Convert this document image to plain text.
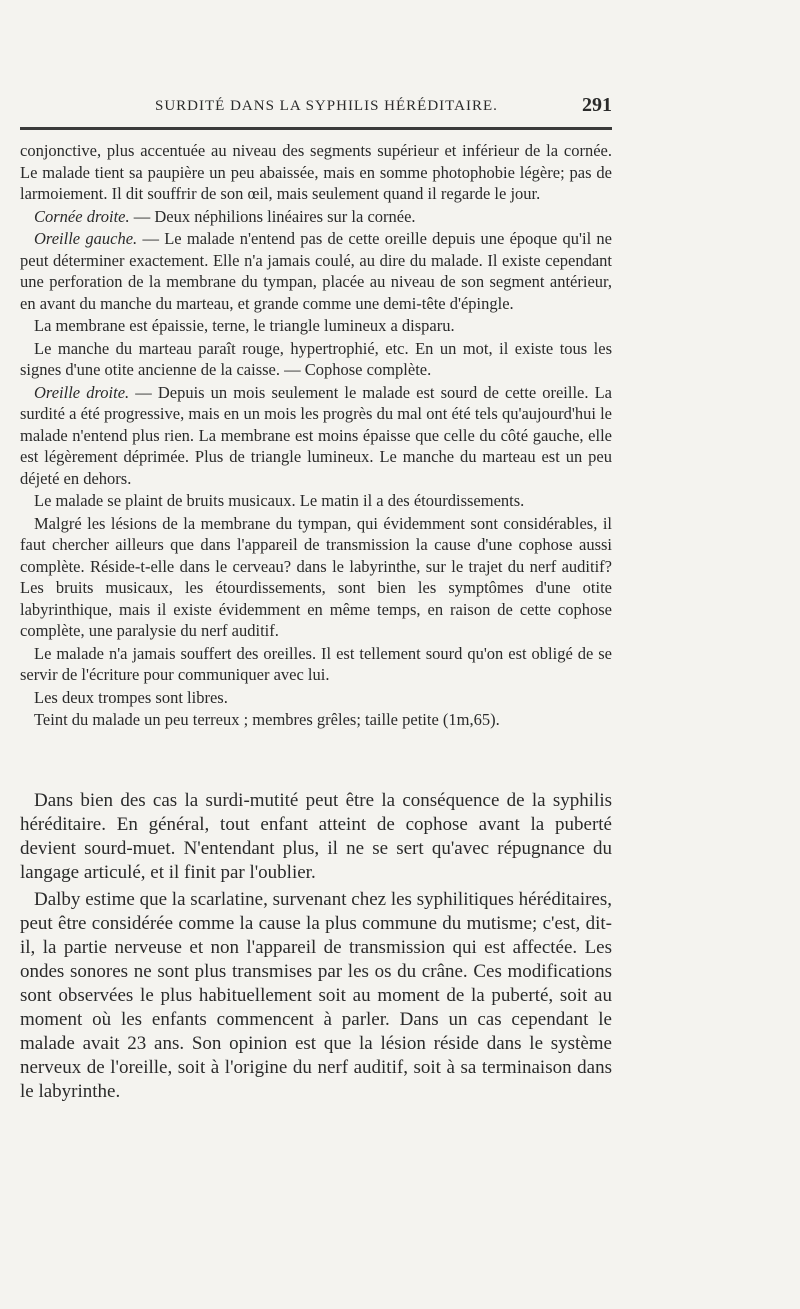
SURDITÉ DANS LA SYPHILIS HÉRÉDITAIRE.	291

conjonctive, plus accentuée au niveau des segments supérieur et inférieur de la cornée. Le malade tient sa paupière un peu abaissée, mais en somme photophobie légère; pas de larmoiement. Il dit souffrir de son œil, mais seulement quand il regarde le jour.

Cornée droite. — Deux néphilions linéaires sur la cornée.

Oreille gauche. — Le malade n'entend pas de cette oreille depuis une époque qu'il ne peut déterminer exactement. Elle n'a jamais coulé, au dire du malade. Il existe cependant une perforation de la membrane du tympan, placée au niveau de son segment antérieur, en avant du manche du marteau, et grande comme une demi-tête d'épingle.

La membrane est épaissie, terne, le triangle lumineux a disparu.

Le manche du marteau paraît rouge, hypertrophié, etc. En un mot, il existe tous les signes d'une otite ancienne de la caisse. — Cophose complète.

Oreille droite. — Depuis un mois seulement le malade est sourd de cette oreille. La surdité a été progressive, mais en un mois les progrès du mal ont été tels qu'aujourd'hui le malade n'entend plus rien. La membrane est moins épaisse que celle du côté gauche, elle est légèrement déprimée. Plus de triangle lumineux. Le manche du marteau est un peu déjeté en dehors.

Le malade se plaint de bruits musicaux. Le matin il a des étourdissements.

Malgré les lésions de la membrane du tympan, qui évidemment sont considérables, il faut chercher ailleurs que dans l'appareil de transmission la cause d'une cophose aussi complète. Réside-t-elle dans le cerveau? dans le labyrinthe, sur le trajet du nerf auditif? Les bruits musicaux, les étourdissements, sont bien les symptômes d'une otite labyrinthique, mais il existe évidemment en même temps, en raison de cette cophose complète, une paralysie du nerf auditif.

Le malade n'a jamais souffert des oreilles. Il est tellement sourd qu'on est obligé de se servir de l'écriture pour communiquer avec lui.

Les deux trompes sont libres.

Teint du malade un peu terreux ; membres grêles; taille petite (1m,65).

Dans bien des cas la surdi-mutité peut être la conséquence de la syphilis héréditaire. En général, tout enfant atteint de cophose avant la puberté devient sourd-muet. N'entendant plus, il ne se sert qu'avec répugnance du langage articulé, et il finit par l'oublier.

Dalby estime que la scarlatine, survenant chez les syphilitiques héréditaires, peut être considérée comme la cause la plus commune du mutisme; c'est, dit-il, la partie nerveuse et non l'appareil de transmission qui est affectée. Les ondes sonores ne sont plus transmises par les os du crâne. Ces modifications sont observées le plus habituellement soit au moment de la puberté, soit au moment où les enfants commencent à parler. Dans un cas cependant le malade avait 23 ans. Son opinion est que la lésion réside dans le système nerveux de l'oreille, soit à l'origine du nerf auditif, soit à sa terminaison dans le labyrinthe.
